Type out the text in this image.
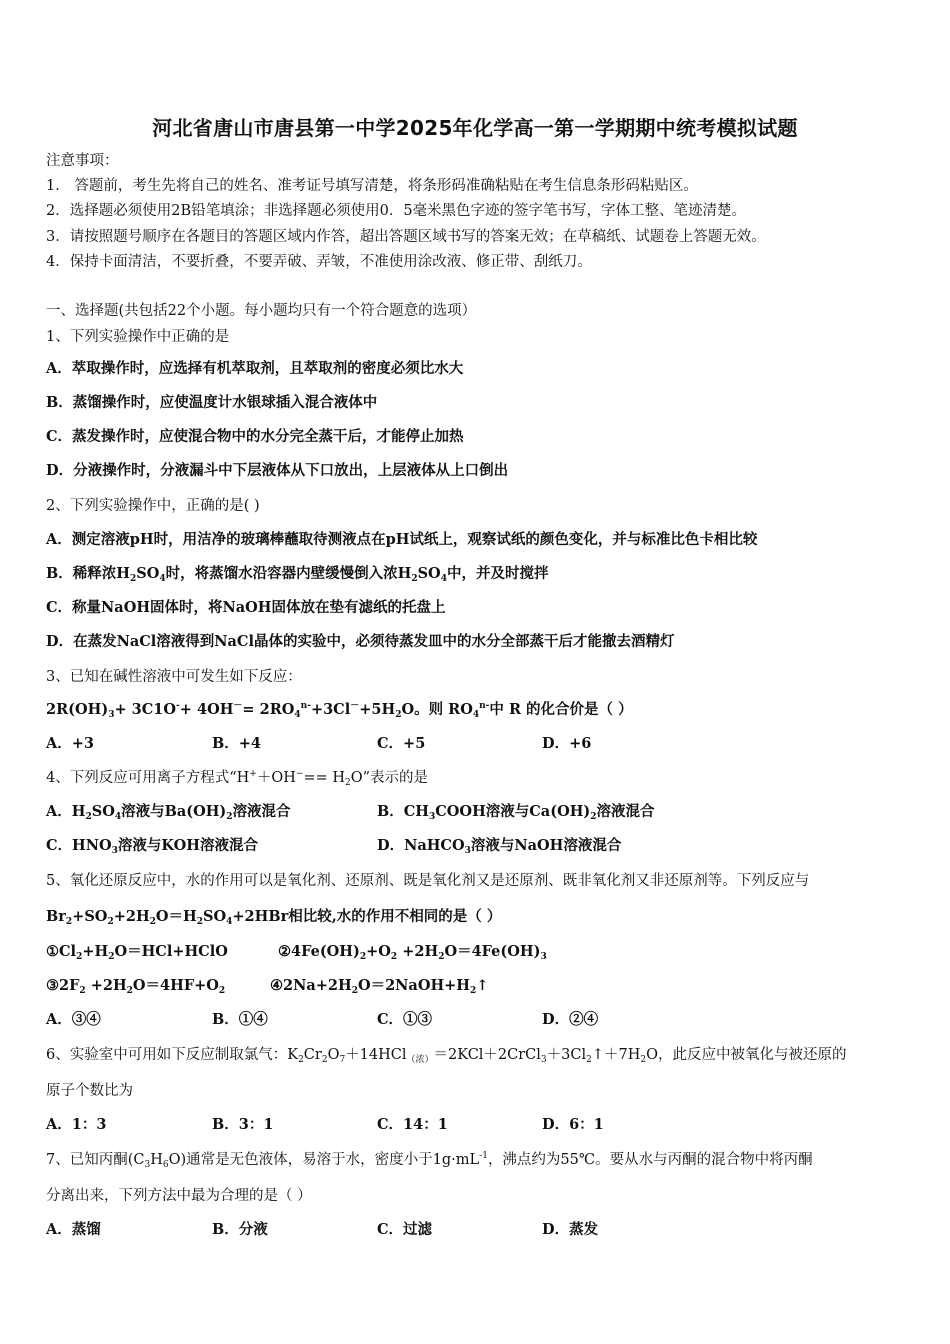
河北省唐山市唐县第一中学2025年化学高一第一学期期中统考模拟试题
注意事项：
1． 答题前，考生先将自己的姓名、准考证号填写清楚，将条形码准确粘贴在考生信息条形码粘贴区。
2．选择题必须使用2B铅笔填涂；非选择题必须使用0．5毫米黑色字迹的签字笔书写，字体工整、笔迹清楚。
3．请按照题号顺序在各题目的答题区域内作答，超出答题区域书写的答案无效；在草稿纸、试题卷上答题无效。
4．保持卡面清洁，不要折叠，不要弄破、弄皱，不准使用涂改液、修正带、刮纸刀。
一、选择题(共包括22个小题。每小题均只有一个符合题意的选项）
1、下列实验操作中正确的是
A．萃取操作时，应选择有机萃取剂，且萃取剂的密度必须比水大
B．蒸馏操作时，应使温度计水银球插入混合液体中
C．蒸发操作时，应使混合物中的水分完全蒸干后，才能停止加热
D．分液操作时，分液漏斗中下层液体从下口放出，上层液体从上口倒出
2、下列实验操作中，正确的是( )
A．测定溶液pH时，用洁净的玻璃棒蘸取待测液点在pH试纸上，观察试纸的颜色变化，并与标准比色卡相比较
B．稀释浓$H_2SO_4$时，将蒸馏水沿容器内壁缓慢倒入浓$H_2SO_4$中，并及时搅拌
C．称量NaOH固体时，将NaOH固体放在垫有滤纸的托盘上
D．在蒸发NaCl溶液得到NaCl晶体的实验中，必须待蒸发皿中的水分全部蒸干后才能撤去酒精灯
3、已知在碱性溶液中可发生如下反应：
$2R(OH)_3+ 3C1O^-+ 4OH^-= 2RO_4^{n-}+3Cl^-+5H_2O$。则 $RO_4^{n-}$中 R 的化合价是（ ）
A．+3	B．+4	C．+5	D．+6
4、下列反应可用离子方程式“$H^++OH^-== H_2O$”表示的是
A．$H_2SO_4$溶液与$Ba(OH)_2$溶液混合	B．$CH_3COOH$溶液与$Ca(OH)_2$溶液混合
C．$HNO_3$溶液与KOH溶液混合	D．NaHCO$_3$溶液与NaOH溶液混合
5、氧化还原反应中，水的作用可以是氧化剂、还原剂、既是氧化剂又是还原剂、既非氧化剂又非还原剂等。下列反应与
$Br_2+SO_2+2H_2O=H_2SO_4+2HBr$相比较,水的作用不相同的是（ ）
$①Cl_2+H_2O=HCl+HClO$	$②4Fe(OH)_2+O_2 +2H_2O=4Fe(OH)_3$
$③2F_2 +2H_2O=4HF+O_2$	$④2Na+2H_2O=2NaOH+H_2↑$
A．③④	B．①④	C．①③	D．②④
6、实验室中可用如下反应制取氯气：$K_2Cr_2O_7+14HCl_{(浓)}=2KCl+2CrCl_3+3Cl_2↑+7H_2O$，此反应中被氧化与被还原的
原子个数比为
A．1：3	B．3：1	C．14：1	D．6：1
7、已知丙酮$(C_3H_6O)$通常是无色液体，易溶于水，密度小于$1g\cdot mL^{-1}$，沸点约为55℃。要从水与丙酮的混合物中将丙酮
分离出来，下列方法中最为合理的是（ ）
A．蒸馏	B．分液	C．过滤	D．蒸发
